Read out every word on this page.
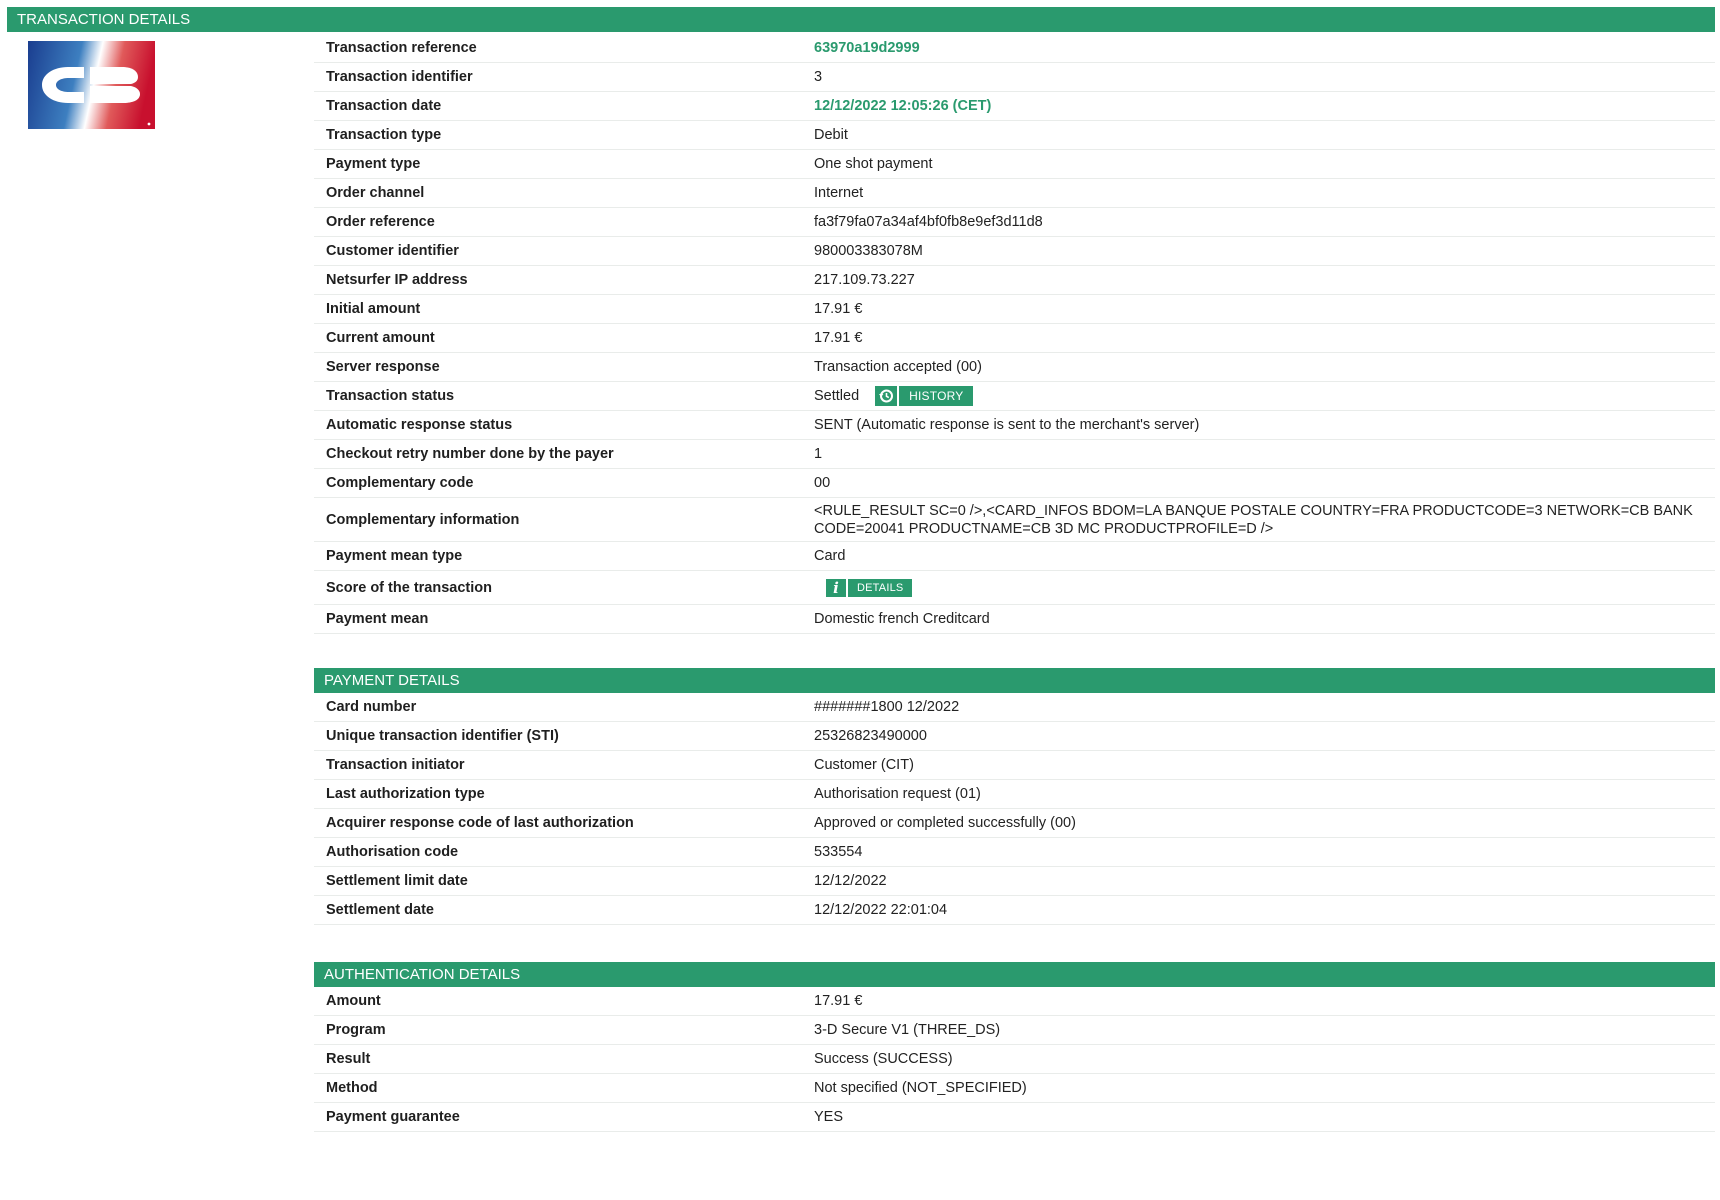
TRANSACTION DETAILS
Transaction reference	63970a19d2999
Transaction identifier	3
Transaction date	12/12/2022 12:05:26 (CET)
Transaction type	Debit
Payment type	One shot payment
Order channel	Internet
Order reference	fa3f79fa07a34af4bf0fb8e9ef3d11d8
Customer identifier	980003383078M
Netsurfer IP address	217.109.73.227
Initial amount	17.91 €
Current amount	17.91 €
Server response	Transaction accepted (00)
Transaction status	Settled HISTORY

Automatic response status	SENT (Automatic response is sent to the merchant's server)
Checkout retry number done by the payer	1
Complementary code	00
Complementary information	<RULE_RESULT SC=0 />,<CARD_INFOS BDOM=LA BANQUE POSTALE COUNTRY=FRA PRODUCTCODE=3 NETWORK=CB BANKCODE=20041 PRODUCTNAME=CB 3D MC PRODUCTPROFILE=D />

Payment mean type	Card
Score of the transaction	i DETAILS

Payment mean	Domestic french Creditcard
PAYMENT DETAILS
Card number	#######1800 12/2022
Unique transaction identifier (STI)	25326823490000
Transaction initiator	Customer (CIT)
Last authorization type	Authorisation request (01)
Acquirer response code of last authorization	Approved or completed successfully (00)
Authorisation code	533554
Settlement limit date	12/12/2022
Settlement date	12/12/2022 22:01:04
AUTHENTICATION DETAILS
Amount	17.91 €
Program	3-D Secure V1 (THREE_DS)
Result	Success (SUCCESS)
Method	Not specified (NOT_SPECIFIED)
Payment guarantee	YES
